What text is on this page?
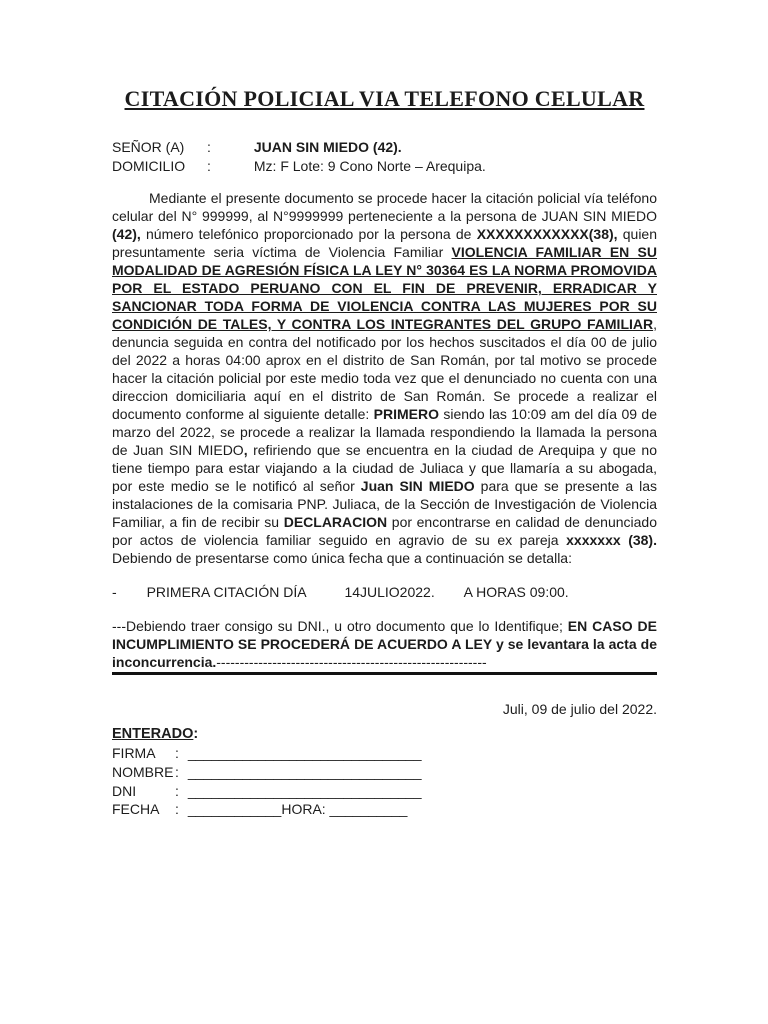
CITACIÓN POLICIAL VIA TELEFONO CELULAR
SEÑOR (A)	:	JUAN SIN MIEDO (42).
DOMICILIO	:	Mz: F Lote: 9 Cono Norte – Arequipa.

Mediante el presente documento se procede hacer la citación policial vía teléfono celular del N° 999999, al N°9999999 perteneciente a la persona de JUAN SIN MIEDO (42), número telefónico proporcionado por la persona de XXXXXXXXXXXX(38), quien presuntamente seria víctima de Violencia Familiar VIOLENCIA FAMILIAR EN SU MODALIDAD DE AGRESIÓN FÍSICA LA LEY N° 30364 ES LA NORMA PROMOVIDA POR EL ESTADO PERUANO CON EL FIN DE PREVENIR, ERRADICAR Y SANCIONAR TODA FORMA DE VIOLENCIA CONTRA LAS MUJERES POR SU CONDICIÓN DE TALES, Y CONTRA LOS INTEGRANTES DEL GRUPO FAMILIAR, denuncia seguida en contra del notificado por los hechos suscitados el día 00 de julio del 2022 a horas 04:00 aprox en el distrito de San Román, por tal motivo se procede hacer la citación policial por este medio toda vez que el denunciado no cuenta con una direccion domiciliaria aquí en el distrito de San Román. Se procede a realizar el documento conforme al siguiente detalle: PRIMERO siendo las 10:09 am del día 09 de marzo del 2022, se procede a realizar la llamada respondiendo la llamada la persona de Juan SIN MIEDO, refiriendo que se encuentra en la ciudad de Arequipa y que no tiene tiempo para estar viajando a la ciudad de Juliaca y que llamaría a su abogada, por este medio se le notificó al señor Juan SIN MIEDO para que se presente a las instalaciones de la comisaria PNP. Juliaca, de la Sección de Investigación de Violencia Familiar, a fin de recibir su DECLARACION por encontrarse en calidad de denunciado por actos de violencia familiar seguido en agravio de su ex pareja xxxxxxx (38). Debiendo de presentarse como única fecha que a continuación se detalla:

- PRIMERA CITACIÓN DÍA	14JULIO2022. A HORAS 09:00.

---Debiendo traer consigo su DNI., u otro documento que lo Identifique; EN CASO DE INCUMPLIMIENTO SE PROCEDERÁ DE ACUERDO A LEY y se levantara la acta de inconcurrencia.----------------------------------------------------------

Juli, 09 de julio del 2022.
ENTERADO:
FIRMA	: ______________________________
NOMBRE : ______________________________
DNI	: ______________________________
FECHA	: ____________ HORA: __________
